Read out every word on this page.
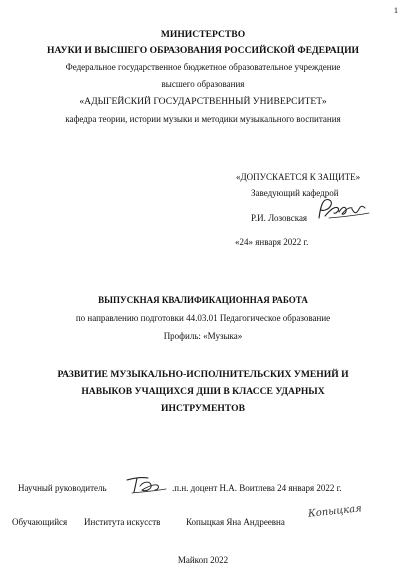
1
МИНИСТЕРСТВО
НАУКИ И ВЫСШЕГО ОБРАЗОВАНИЯ РОССИЙСКОЙ ФЕДЕРАЦИИ
Федеральное государственное бюджетное образовательное учреждение
высшего образования
«АДЫГЕЙСКИЙ ГОСУДАРСТВЕННЫЙ УНИВЕРСИТЕТ»
кафедра теории, истории музыки и методики музыкального воспитания
«ДОПУСКАЕТСЯ К ЗАЩИТЕ»
Заведующий кафедрой
Р.И. Лозовская
«24» января 2022 г.
ВЫПУСКНАЯ КВАЛИФИКАЦИОННАЯ РАБОТА
по направлению подготовки 44.03.01 Педагогическое образование
Профиль: «Музыка»
РАЗВИТИЕ МУЗЫКАЛЬНО-ИСПОЛНИТЕЛЬСКИХ УМЕНИЙ И
НАВЫКОВ УЧАЩИХСЯ ДШИ В КЛАССЕ УДАРНЫХ
ИНСТРУМЕНТОВ
Научный руководитель	.п.н. доцент Н.А. Воитлева 24 января 2022 г.
Обучающийся Института искусств	Копыцкая Яна Андреевна
Копыцкая
Майкоп 2022
